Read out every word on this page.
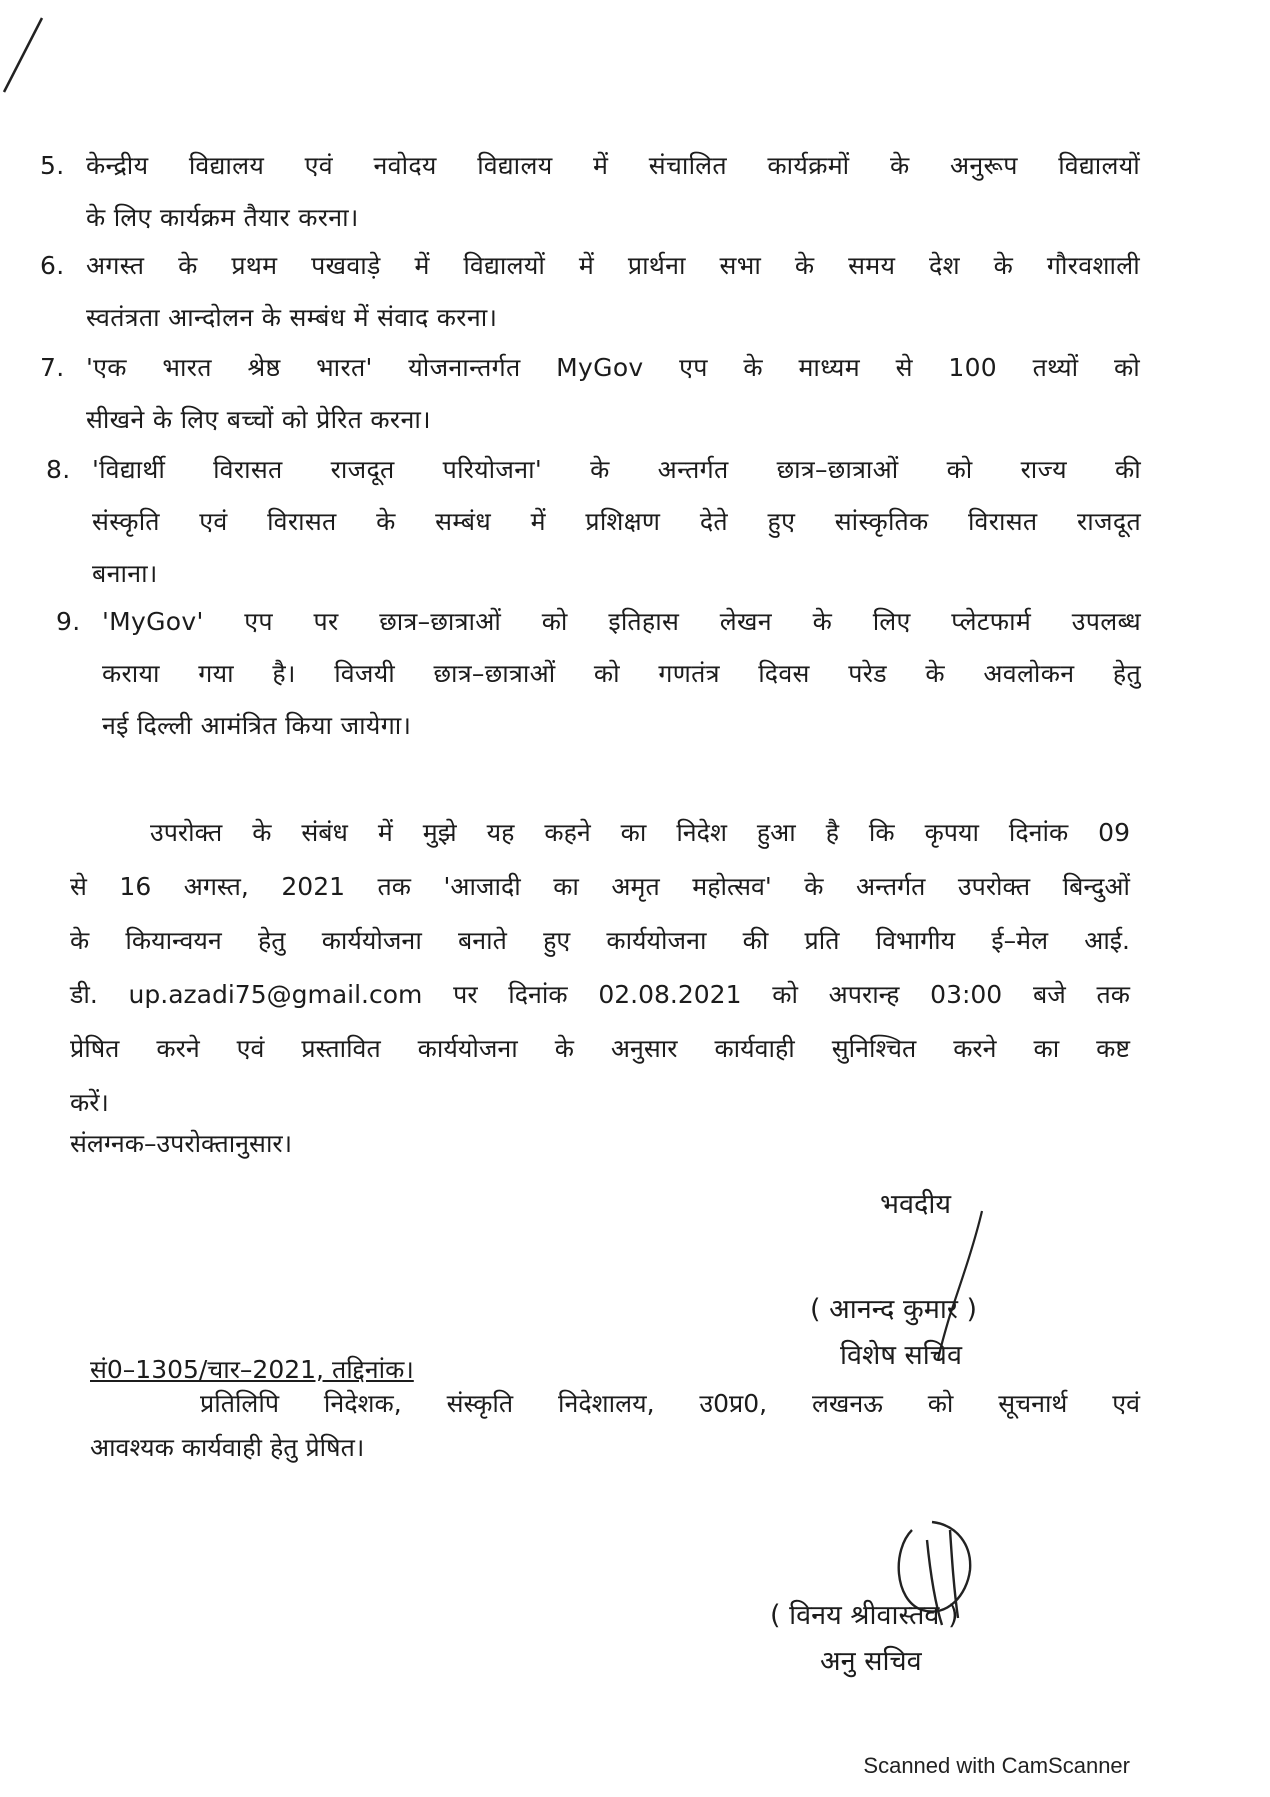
5. केन्द्रीय विद्यालय एवं नवोदय विद्यालय में संचालित कार्यक्रमों के अनुरूप विद्यालयों
के लिए कार्यक्रम तैयार करना।
6. अगस्त के प्रथम पखवाड़े में विद्यालयों में प्रार्थना सभा के समय देश के गौरवशाली
स्वतंत्रता आन्दोलन के सम्बंध में संवाद करना।
7. 'एक भारत श्रेष्ठ भारत' योजनान्तर्गत MyGov एप के माध्यम से 100 तथ्यों को
सीखने के लिए बच्चों को प्रेरित करना।
8. 'विद्यार्थी विरासत राजदूत परियोजना' के अन्तर्गत छात्र–छात्राओं को राज्य की
संस्कृति एवं विरासत के सम्बंध में प्रशिक्षण देते हुए सांस्कृतिक विरासत राजदूत
बनाना।
9. 'MyGov' एप पर छात्र–छात्राओं को इतिहास लेखन के लिए प्लेटफार्म उपलब्ध
कराया गया है। विजयी छात्र–छात्राओं को गणतंत्र दिवस परेड के अवलोकन हेतु
नई दिल्ली आमंत्रित किया जायेगा।
उपरोक्त के संबंध में मुझे यह कहने का निदेश हुआ है कि कृपया दिनांक 09
से 16 अगस्त, 2021 तक 'आजादी का अमृत महोत्सव' के अन्तर्गत उपरोक्त बिन्दुओं
के कियान्वयन हेतु कार्ययोजना बनाते हुए कार्ययोजना की प्रति विभागीय ई–मेल आई.
डी. up.azadi75@gmail.com पर दिनांक 02.08.2021 को अपरान्ह 03:00 बजे तक
प्रेषित करने एवं प्रस्तावित कार्ययोजना के अनुसार कार्यवाही सुनिश्चित करने का कष्ट
करें।
संलग्नक–उपरोक्तानुसार।
भवदीय
( आनन्द कुमार )
विशेष सचिव
सं0–1305/चार–2021, तद्दिनांक।
प्रतिलिपि निदेशक, संस्कृति निदेशालय, उ0प्र0, लखनऊ को सूचनार्थ एवं
आवश्यक कार्यवाही हेतु प्रेषित।
( विनय श्रीवास्तव )
अनु सचिव
Scanned with CamScanner
